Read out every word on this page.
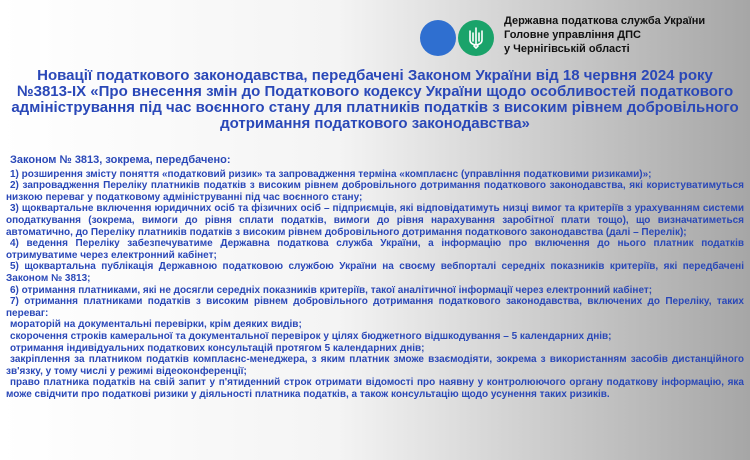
Державна податкова служба України
Головне управління ДПС
у Чернігівській області
Новації податкового законодавства, передбачені Законом України від 18 червня 2024 року №3813-IX «Про внесення змін до Податкового кодексу України щодо особливостей податкового адміністрування під час воєнного стану для платників податків з високим рівнем добровільного дотримання податкового законодавства»

Законом № 3813, зокрема, передбачено:

1) розширення змісту поняття «податковий ризик» та запровадження терміна «комплаєнс (управління податковими ризиками)»;

2) запровадження Переліку платників податків з високим рівнем добровільного дотримання податкового законодавства, які користуватимуться низкою переваг у податковому адмініструванні під час воєнного стану;

3) щоквартальне включення юридичних осіб та фізичних осіб – підприємців, які відповідатимуть низці вимог та критеріїв з урахуванням системи оподаткування (зокрема, вимоги до рівня сплати податків, вимоги до рівня нарахування заробітної плати тощо), що визначатиметься автоматично, до Переліку платників податків з високим рівнем добровільного дотримання податкового законодавства (далі – Перелік);

4) ведення Переліку забезпечуватиме Державна податкова служба України, а інформацію про включення до нього платник податків отримуватиме через електронний кабінет;

5) щоквартальна публікація Державною податковою службою України на своєму вебпорталі середніх показників критеріїв, які передбачені Законом № 3813;

6) отримання платниками, які не досягли середніх показників критеріїв, такої аналітичної інформації через електронний кабінет;

7) отримання платниками податків з високим рівнем добровільного дотримання податкового законодавства, включених до Переліку, таких переваг:

мораторій на документальні перевірки, крім деяких видів;

скорочення строків камеральної та документальної перевірок у цілях бюджетного відшкодування – 5 календарних днів;

отримання індивідуальних податкових консультацій протягом 5 календарних днів;

закріплення за платником податків комплаєнс-менеджера, з яким платник зможе взаємодіяти, зокрема з використанням засобів дистанційного зв'язку, у тому числі у режимі відеоконференції;

право платника податків на свій запит у п'ятиденний строк отримати відомості про наявну у контролюючого органу податкову інформацію, яка може свідчити про податкові ризики у діяльності платника податків, а також консультацію щодо усунення таких ризиків.
